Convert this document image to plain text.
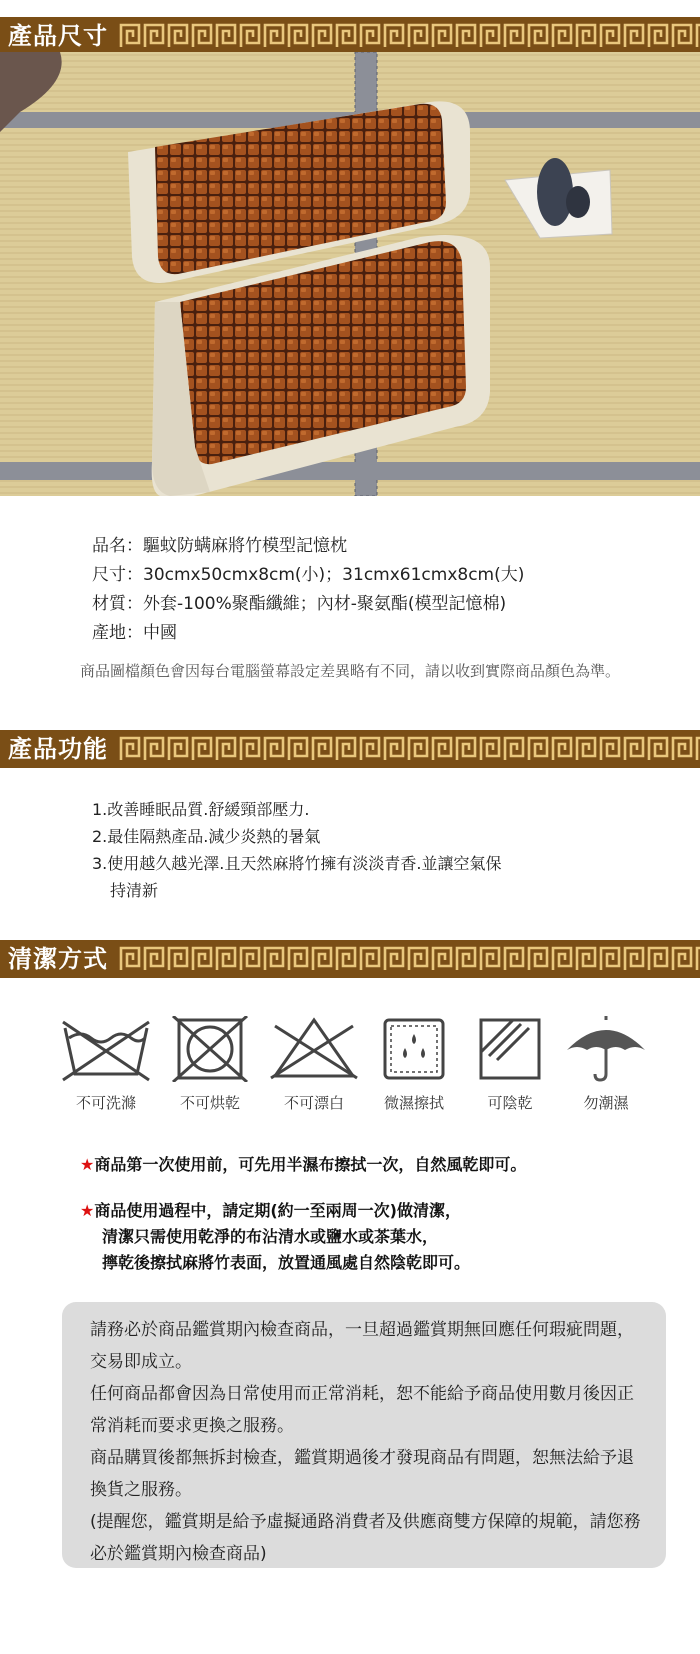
產品尺寸
品名：驅蚊防螨麻將竹模型記憶枕
尺寸：30cmx50cmx8cm(小)；31cmx61cmx8cm(大)
材質：外套-100%聚酯纖維；內材-聚氨酯(模型記憶棉)
產地：中國
商品圖檔顏色會因每台電腦螢幕設定差異略有不同，請以收到實際商品顏色為準。
產品功能
1.改善睡眠品質.舒緩頸部壓力.
2.最佳隔熱產品.減少炎熱的暑氣
3.使用越久越光澤.且天然麻將竹擁有淡淡青香.並讓空氣保
持清新
清潔方式
不可洗滌	不可烘乾	不可漂白	微濕擦拭	可陰乾	勿潮濕
★商品第一次使用前，可先用半濕布擦拭一次，自然風乾即可。
★商品使用過程中，請定期(約一至兩周一次)做清潔，
清潔只需使用乾淨的布沾清水或鹽水或茶葉水，
擰乾後擦拭麻將竹表面，放置通風處自然陰乾即可。
請務必於商品鑑賞期內檢查商品，一旦超過鑑賞期無回應任何瑕疵問題，交易即成立。
任何商品都會因為日常使用而正常消耗，恕不能給予商品使用數月後因正常消耗而要求更換之服務。
商品購買後都無拆封檢查，鑑賞期過後才發現商品有問題，恕無法給予退換貨之服務。
(提醒您，鑑賞期是給予虛擬通路消費者及供應商雙方保障的規範，請您務必於鑑賞期內檢查商品)
